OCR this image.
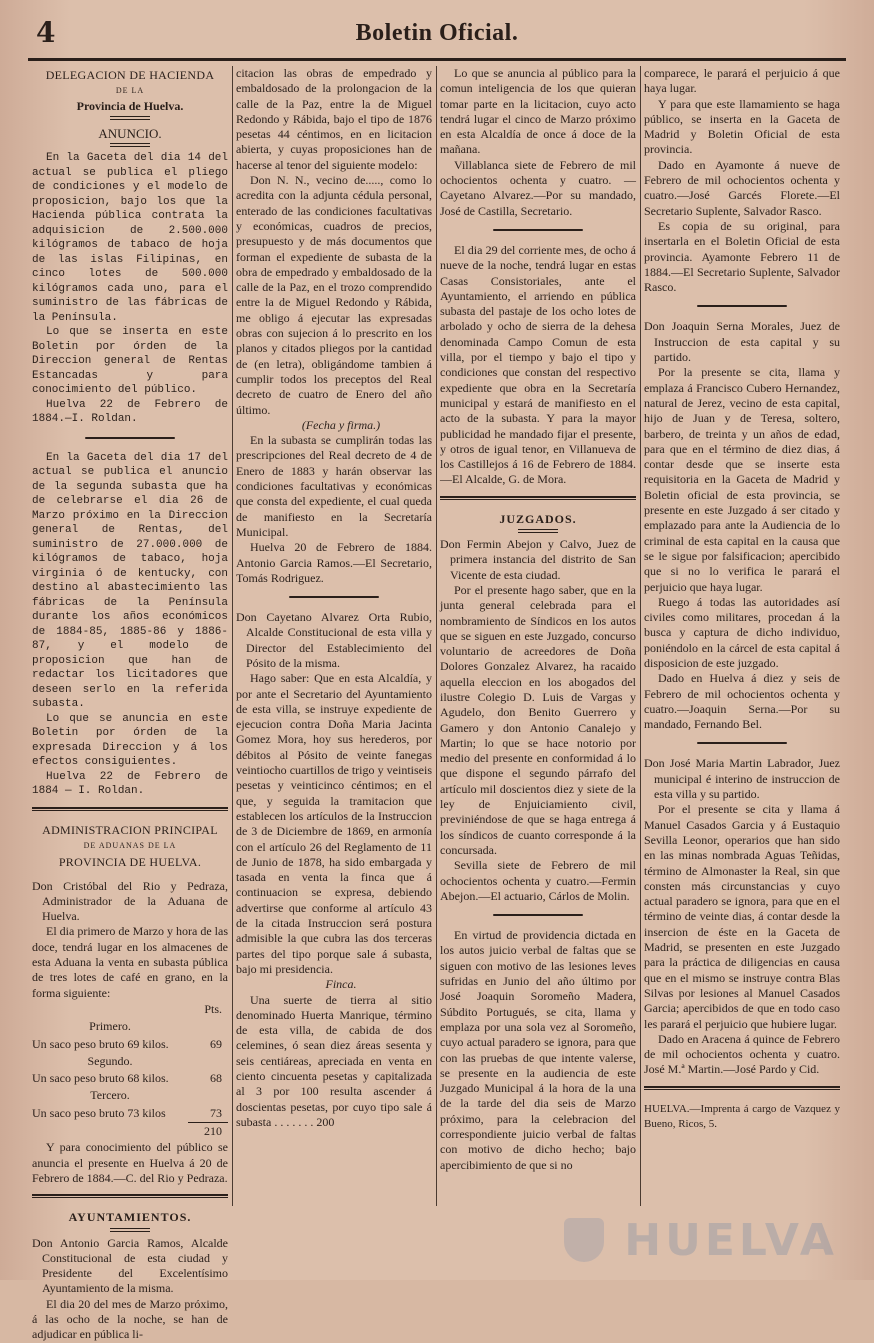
4	Boletin Oficial.
DELEGACION DE HACIENDA
DE LA
Provincia de Huelva.
ANUNCIO.

En la Gaceta del dia 14 del actual se publica el pliego de condiciones y el modelo de proposicion, bajo los que la Hacienda pública contrata la adquisicion de 2.500.000 kilógramos de tabaco de hoja de las islas Filipinas, en cinco lotes de 500.000 kilógramos cada uno, para el suministro de las fábricas de la Península.

Lo que se inserta en este Boletin por órden de la Direccion general de Rentas Estancadas y para conocimiento del público.

Huelva 22 de Febrero de 1884.—I. Roldan.

En la Gaceta del dia 17 del actual se publica el anuncio de la segunda subasta que ha de celebrarse el dia 26 de Marzo próximo en la Direccion general de Rentas, del suministro de 27.000.000 de kilógramos de tabaco, hoja virginia ó de kentucky, con destino al abastecimiento las fábricas de la Península durante los años económicos de 1884-85, 1885-86 y 1886-87, y el modelo de proposicion que han de redactar los licitadores que deseen serlo en la referida subasta.

Lo que se anuncia en este Boletin por órden de la expresada Direccion y á los efectos consiguientes.

Huelva 22 de Febrero de 1884 — I. Roldan.

ADMINISTRACION PRINCIPAL
DE ADUANAS DE LA
PROVINCIA DE HUELVA.

Don Cristóbal del Rio y Pedraza, Administrador de la Aduana de Huelva.

El dia primero de Marzo y hora de las doce, tendrá lugar en los almacenes de esta Aduana la venta en subasta pública de tres lotes de café en grano, en la forma siguiente:

	Pts.
Primero.	
Un saco peso bruto 69 kilos.	69
Segundo.	
Un saco peso bruto 68 kilos.	68
Tercero.	
Un saco peso bruto 73 kilos	73
	210

Y para conocimiento del público se anuncia el presente en Huelva á 20 de Febrero de 1884.—C. del Rio y Pedraza.

AYUNTAMIENTOS.

Don Antonio Garcia Ramos, Alcalde Constitucional de esta ciudad y Presidente del Excelentísimo Ayuntamiento de la misma.

El dia 20 del mes de Marzo próximo, á las ocho de la noche, se han de adjudicar en pública li-

citacion las obras de empedrado y embaldosado de la prolongacion de la calle de la Paz, entre la de Miguel Redondo y Rábida, bajo el tipo de 1876 pesetas 44 céntimos, en en licitacion abierta, y cuyas proposiciones han de hacerse al tenor del siguiente modelo:

Don N. N., vecino de....., como lo acredita con la adjunta cédula personal, enterado de las condiciones facultativas y económicas, cuadros de precios, presupuesto y de más documentos que forman el expediente de subasta de la obra de empedrado y embaldosado de la calle de la Paz, en el trozo comprendido entre la de Miguel Redondo y Rábida, me obligo á ejecutar las expresadas obras con sujecion á lo prescrito en los planos y citados pliegos por la cantidad de (en letra), obligándome tambien á cumplir todos los preceptos del Real decreto de cuatro de Enero del año último.

(Fecha y firma.)

En la subasta se cumplirán todas las prescripciones del Real decreto de 4 de Enero de 1883 y harán observar las condiciones facultativas y económicas que consta del expediente, el cual queda de manifiesto en la Secretaría Municipal.

Huelva 20 de Febrero de 1884. Antonio Garcia Ramos.—El Secretario, Tomás Rodriguez.

Don Cayetano Alvarez Orta Rubio, Alcalde Constitucional de esta villa y Director del Establecimiento del Pósito de la misma.

Hago saber: Que en esta Alcaldía, y por ante el Secretario del Ayuntamiento de esta villa, se instruye expediente de ejecucion contra Doña Maria Jacinta Gomez Mora, hoy sus herederos, por débitos al Pósito de veinte fanegas veintiocho cuartillos de trigo y veintiseis pesetas y veinticinco céntimos; en el que, y seguida la tramitacion que establecen los artículos de la Instruccion de 3 de Diciembre de 1869, en armonía con el artículo 26 del Reglamento de 11 de Junio de 1878, ha sido embargada y tasada en venta la finca que á continuacion se expresa, debiendo advertirse que conforme al artículo 43 de la citada Instruccion será postura admisible la que cubra las dos terceras partes del tipo porque sale á subasta, bajo mi presidencia.

Finca.

Una suerte de tierra al sitio denominado Huerta Manrique, término de esta villa, de cabida de dos celemines, ó sean diez áreas sesenta y seis centiáreas, apreciada en venta en ciento cincuenta pesetas y capitalizada al 3 por 100 resulta ascender á doscientas pesetas, por cuyo tipo sale á subasta . . . . . . . 200

Lo que se anuncia al público para la comun inteligencia de los que quieran tomar parte en la licitacion, cuyo acto tendrá lugar el cinco de Marzo próximo en esta Alcaldía de once á doce de la mañana.

Villablanca siete de Febrero de mil ochocientos ochenta y cuatro. —Cayetano Alvarez.—Por su mandado, José de Castilla, Secretario.

El dia 29 del corriente mes, de ocho á nueve de la noche, tendrá lugar en estas Casas Consistoriales, ante el Ayuntamiento, el arriendo en pública subasta del pastaje de los ocho lotes de arbolado y ocho de sierra de la dehesa denominada Campo Comun de esta villa, por el tiempo y bajo el tipo y condiciones que constan del respectivo expediente que obra en la Secretaría municipal y estará de manifiesto en el acto de la subasta. Y para la mayor publicidad he mandado fijar el presente, y otros de igual tenor, en Villanueva de los Castillejos á 16 de Febrero de 1884.—El Alcalde, G. de Mora.

JUZGADOS.

Don Fermin Abejon y Calvo, Juez de primera instancia del distrito de San Vicente de esta ciudad.

Por el presente hago saber, que en la junta general celebrada para el nombramiento de Síndicos en los autos que se siguen en este Juzgado, concurso voluntario de acreedores de Doña Dolores Gonzalez Alvarez, ha racaido aquella eleccion en los abogados del ilustre Colegio D. Luis de Vargas y Agudelo, don Benito Guerrero y Gamero y don Antonio Canalejo y Martin; lo que se hace notorio por medio del presente en conformidad á lo que dispone el segundo párrafo del artículo mil doscientos diez y siete de la ley de Enjuiciamiento civil, previniéndose de que se haga entrega á los síndicos de cuanto corresponde á la concursada.

Sevilla siete de Febrero de mil ochocientos ochenta y cuatro.—Fermin Abejon.—El actuario, Cárlos de Molin.

En virtud de providencia dictada en los autos juicio verbal de faltas que se siguen con motivo de las lesiones leves sufridas en Junio del año último por José Joaquin Soromeño Madera, Súbdito Portugués, se cita, llama y emplaza por una sola vez al Soromeño, cuyo actual paradero se ignora, para que con las pruebas de que intente valerse, se presente en la audiencia de este Juzgado Municipal á la hora de la una de la tarde del dia seis de Marzo próximo, para la celebracion del correspondiente juicio verbal de faltas con motivo de dicho hecho; bajo apercibimiento de que si no

comparece, le parará el perjuicio á que haya lugar.

Y para que este llamamiento se haga público, se inserta en la Gaceta de Madrid y Boletin Oficial de esta provincia.

Dado en Ayamonte á nueve de Febrero de mil ochocientos ochenta y cuatro.—José Garcés Florete.—El Secretario Suplente, Salvador Rasco.

Es copia de su original, para insertarla en el Boletin Oficial de esta provincia. Ayamonte Febrero 11 de 1884.—El Secretario Suplente, Salvador Rasco.

Don Joaquin Serna Morales, Juez de Instruccion de esta capital y su partido.

Por la presente se cita, llama y emplaza á Francisco Cubero Hernandez, natural de Jerez, vecino de esta capital, hijo de Juan y de Teresa, soltero, barbero, de treinta y un años de edad, para que en el término de diez dias, á contar desde que se inserte esta requisitoria en la Gaceta de Madrid y Boletin oficial de esta provincia, se presente en este Juzgado á ser citado y emplazado para ante la Audiencia de lo criminal de esta capital en la causa que se le sigue por falsificacion; apercibido que si no lo verifica le parará el perjuicio que haya lugar.

Ruego á todas las autoridades así civiles como militares, procedan á la busca y captura de dicho individuo, poniéndolo en la cárcel de esta capital á disposicion de este juzgado.

Dado en Huelva á diez y seis de Febrero de mil ochocientos ochenta y cuatro.—Joaquin Serna.—Por su mandado, Fernando Bel.

Don José Maria Martin Labrador, Juez municipal é interino de instruccion de esta villa y su partido.

Por el presente se cita y llama á Manuel Casados Garcia y á Eustaquio Sevilla Leonor, operarios que han sido en las minas nombrada Aguas Teñidas, término de Almonaster la Real, sin que consten más circunstancias y cuyo actual paradero se ignora, para que en el término de veinte dias, á contar desde la insercion de éste en la Gaceta de Madrid, se presenten en este Juzgado para la práctica de diligencias en causa que en el mismo se instruye contra Blas Silvas por lesiones al Manuel Casados Garcia; apercibidos de que en todo caso les parará el perjuicio que hubiere lugar.

Dado en Aracena á quince de Febrero de mil ochocientos ochenta y cuatro. José M.ª Martin.—José Pardo y Cid.

HUELVA.—Imprenta á cargo de Vazquez y Bueno, Ricos, 5.

HUELVA
